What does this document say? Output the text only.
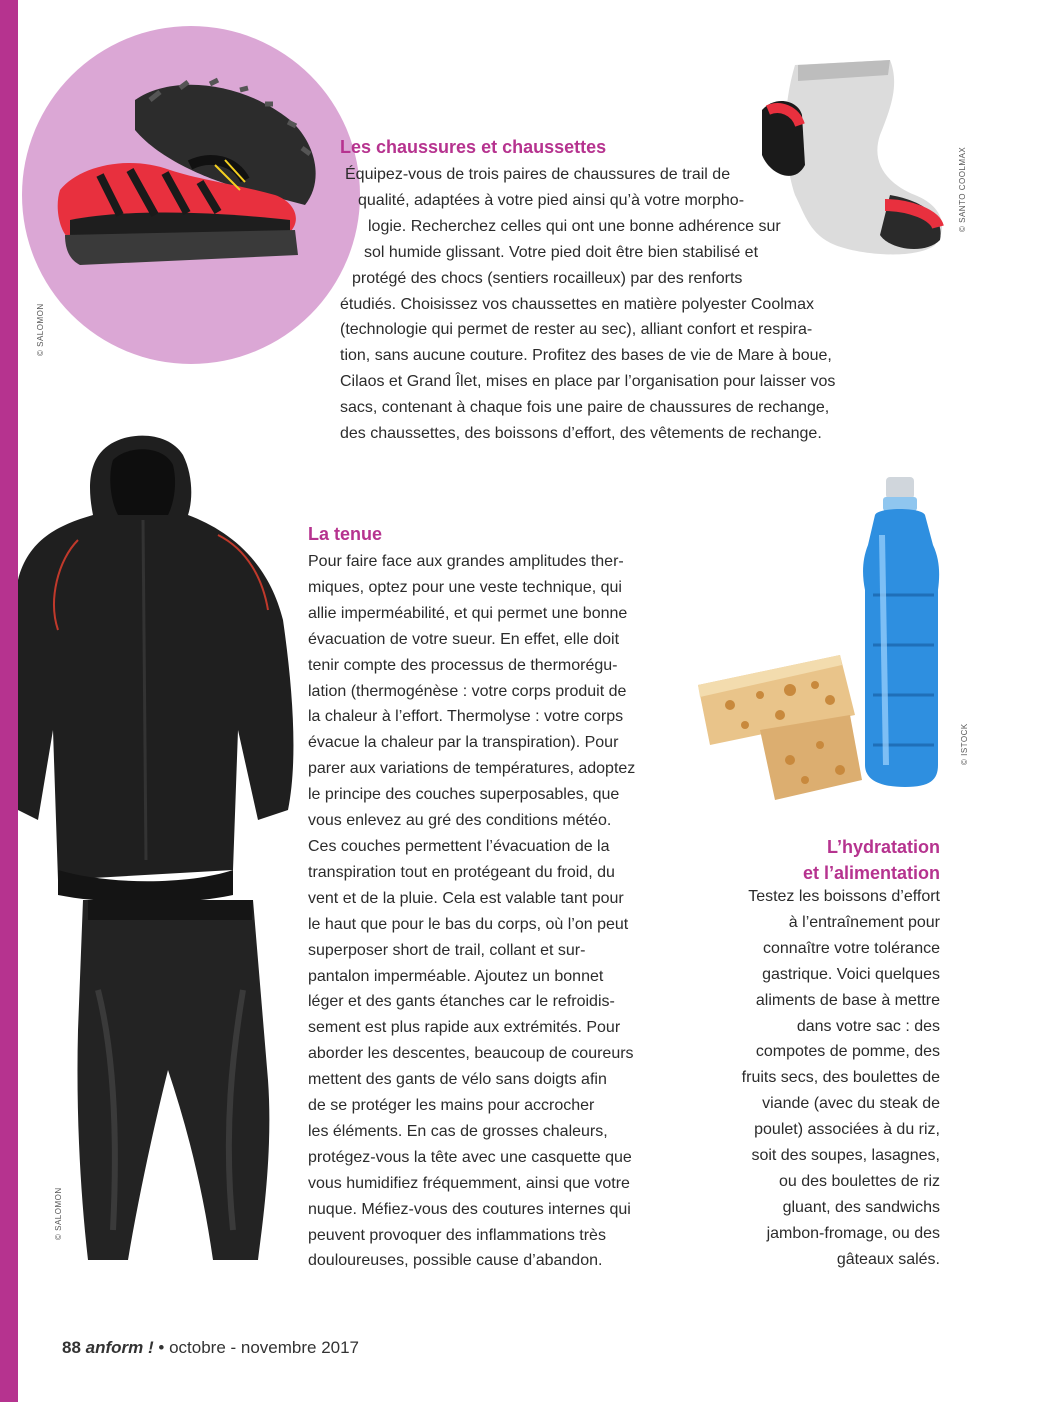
© SALOMON
© SANTO COOLMAX
Les chaussures et chaussettes
Équipez-vous de trois paires de chaussures de trail de
qualité, adaptées à votre pied ainsi qu’à votre morpho-
logie. Recherchez celles qui ont une bonne adhérence sur
sol humide glissant. Votre pied doit être bien stabilisé et
protégé des chocs (sentiers rocailleux) par des renforts
étudiés. Choisissez vos chaussettes en matière polyester Coolmax
(technologie qui permet de rester au sec), alliant confort et respira-
tion, sans aucune couture. Profitez des bases de vie de Mare à boue,
Cilaos et Grand Îlet, mises en place par l’organisation pour laisser vos
sacs, contenant à chaque fois une paire de chaussures de rechange,
des chaussettes, des boissons d’effort, des vêtements de rechange.
© SALOMON
La tenue
Pour faire face aux grandes amplitudes ther-
miques, optez pour une veste technique, qui
allie imperméabilité, et qui permet une bonne
évacuation de votre sueur. En effet, elle doit
tenir compte des processus de thermorégu-
lation (thermogénèse : votre corps produit de
la chaleur à l’effort. Thermolyse : votre corps
évacue la chaleur par la transpiration). Pour
parer aux variations de températures, adoptez
le principe des couches superposables, que
vous enlevez au gré des conditions météo.
Ces couches permettent l’évacuation de la
transpiration tout en protégeant du froid, du
vent et de la pluie. Cela est valable tant pour
le haut que pour le bas du corps, où l’on peut
superposer short de trail, collant et sur-
pantalon imperméable. Ajoutez un bonnet
léger et des gants étanches car le refroidis-
sement est plus rapide aux extrémités. Pour
aborder les descentes, beaucoup de coureurs
mettent des gants de vélo sans doigts afin
de se protéger les mains pour accrocher
les éléments. En cas de grosses chaleurs,
protégez-vous la tête avec une casquette que
vous humidifiez fréquemment, ainsi que votre
nuque. Méfiez-vous des coutures internes qui
peuvent provoquer des inflammations très
douloureuses, possible cause d’abandon.
© ISTOCK
L’hydratation
et l’alimentation
Testez les boissons d’effort
à l’entraînement pour
connaître votre tolérance
gastrique. Voici quelques
aliments de base à mettre
dans votre sac : des
compotes de pomme, des
fruits secs, des boulettes de
viande (avec du steak de
poulet) associées à du riz,
soit des soupes, lasagnes,
ou des boulettes de riz
gluant, des sandwichs
jambon-fromage, ou des
gâteaux salés.
88 anform ! • octobre - novembre 2017
